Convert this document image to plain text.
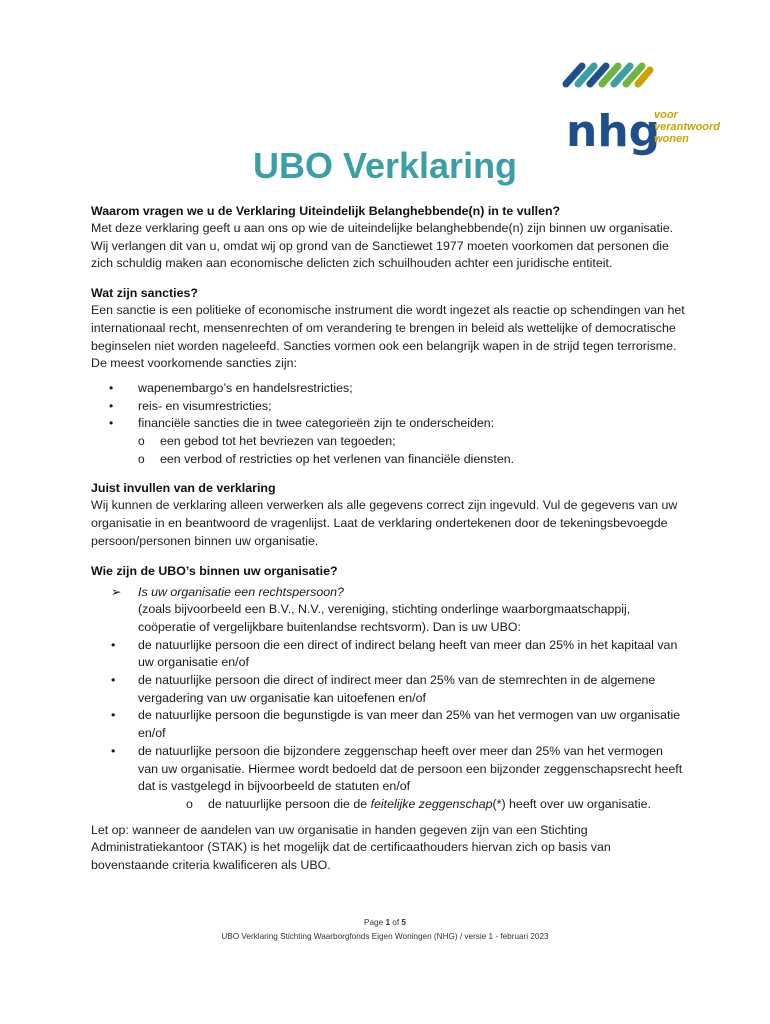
nhg
voor
verantwoord
wonen
UBO Verklaring
Waarom vragen we u de Verklaring Uiteindelijk Belanghebbende(n) in te vullen?

Met deze verklaring geeft u aan ons op wie de uiteindelijke belanghebbende(n) zijn binnen uw organisatie. Wij verlangen dit van u, omdat wij op grond van de Sanctiewet 1977 moeten voorkomen dat personen die zich schuldig maken aan economische delicten zich schuilhouden achter een juridische entiteit.

Wat zijn sancties?

Een sanctie is een politieke of economische instrument die wordt ingezet als reactie op schendingen van het internationaal recht, mensenrechten of om verandering te brengen in beleid als wettelijke of democratische beginselen niet worden nageleefd. Sancties vormen ook een belangrijk wapen in de strijd tegen terrorisme. De meest voorkomende sancties zijn:

• wapenembargo’s en handelsrestricties;
• reis- en visumrestricties;
• financiële sancties die in twee categorieën zijn te onderscheiden:
o een gebod tot het bevriezen van tegoeden;
o een verbod of restricties op het verlenen van financiële diensten.
Juist invullen van de verklaring

Wij kunnen de verklaring alleen verwerken als alle gegevens correct zijn ingevuld. Vul de gegevens van uw organisatie in en beantwoord de vragenlijst. Laat de verklaring ondertekenen door de tekeningsbevoegde persoon/personen binnen uw organisatie.

Wie zijn de UBO’s binnen uw organisatie?
➢ Is uw organisatie een rechtspersoon?
(zoals bijvoorbeeld een B.V., N.V., vereniging, stichting onderlinge waarborgmaatschappij, coöperatie of vergelijkbare buitenlandse rechtsvorm). Dan is uw UBO:
• de natuurlijke persoon die een direct of indirect belang heeft van meer dan 25% in het kapitaal van uw organisatie en/of
• de natuurlijke persoon die direct of indirect meer dan 25% van de stemrechten in de algemene vergadering van uw organisatie kan uitoefenen en/of
• de natuurlijke persoon die begunstigde is van meer dan 25% van het vermogen van uw organisatie en/of
• de natuurlijke persoon die bijzondere zeggenschap heeft over meer dan 25% van het vermogen van uw organisatie. Hiermee wordt bedoeld dat de persoon een bijzonder zeggenschapsrecht heeft dat is vastgelegd in bijvoorbeeld de statuten en/of
o de natuurlijke persoon die de feitelijke zeggenschap(*) heeft over uw organisatie.

Let op: wanneer de aandelen van uw organisatie in handen gegeven zijn van een Stichting Administratiekantoor (STAK) is het mogelijk dat de certificaathouders hiervan zich op basis van bovenstaande criteria kwalificeren als UBO.

Page 1 of 5
UBO Verklaring Stichting Waarborgfonds Eigen Woningen (NHG) / versie 1 - februari 2023
